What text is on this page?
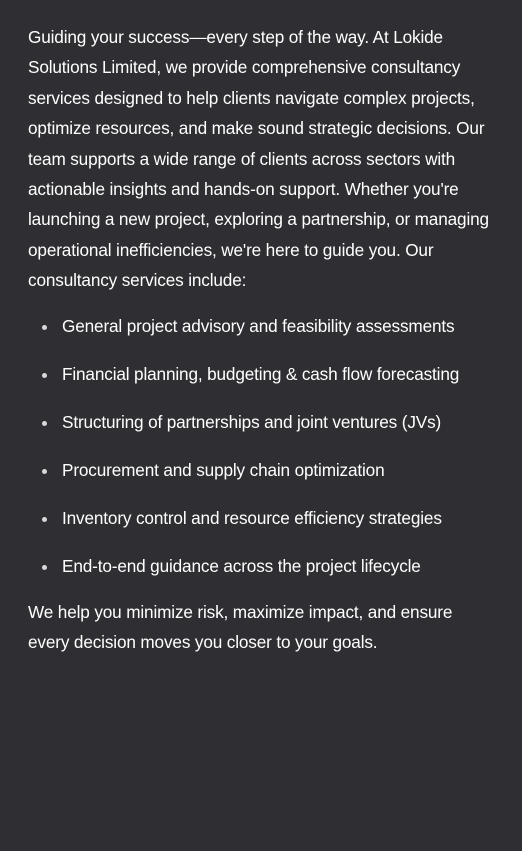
Guiding your success—every step of the way. At Lokide Solutions Limited, we provide comprehensive consultancy services designed to help clients navigate complex projects, optimize resources, and make sound strategic decisions. Our team supports a wide range of clients across sectors with actionable insights and hands-on support. Whether you're launching a new project, exploring a partnership, or managing operational inefficiencies, we're here to guide you. Our consultancy services include:

General project advisory and feasibility assessments
Financial planning, budgeting & cash flow forecasting
Structuring of partnerships and joint ventures (JVs)
Procurement and supply chain optimization
Inventory control and resource efficiency strategies
End-to-end guidance across the project lifecycle

We help you minimize risk, maximize impact, and ensure every decision moves you closer to your goals.
